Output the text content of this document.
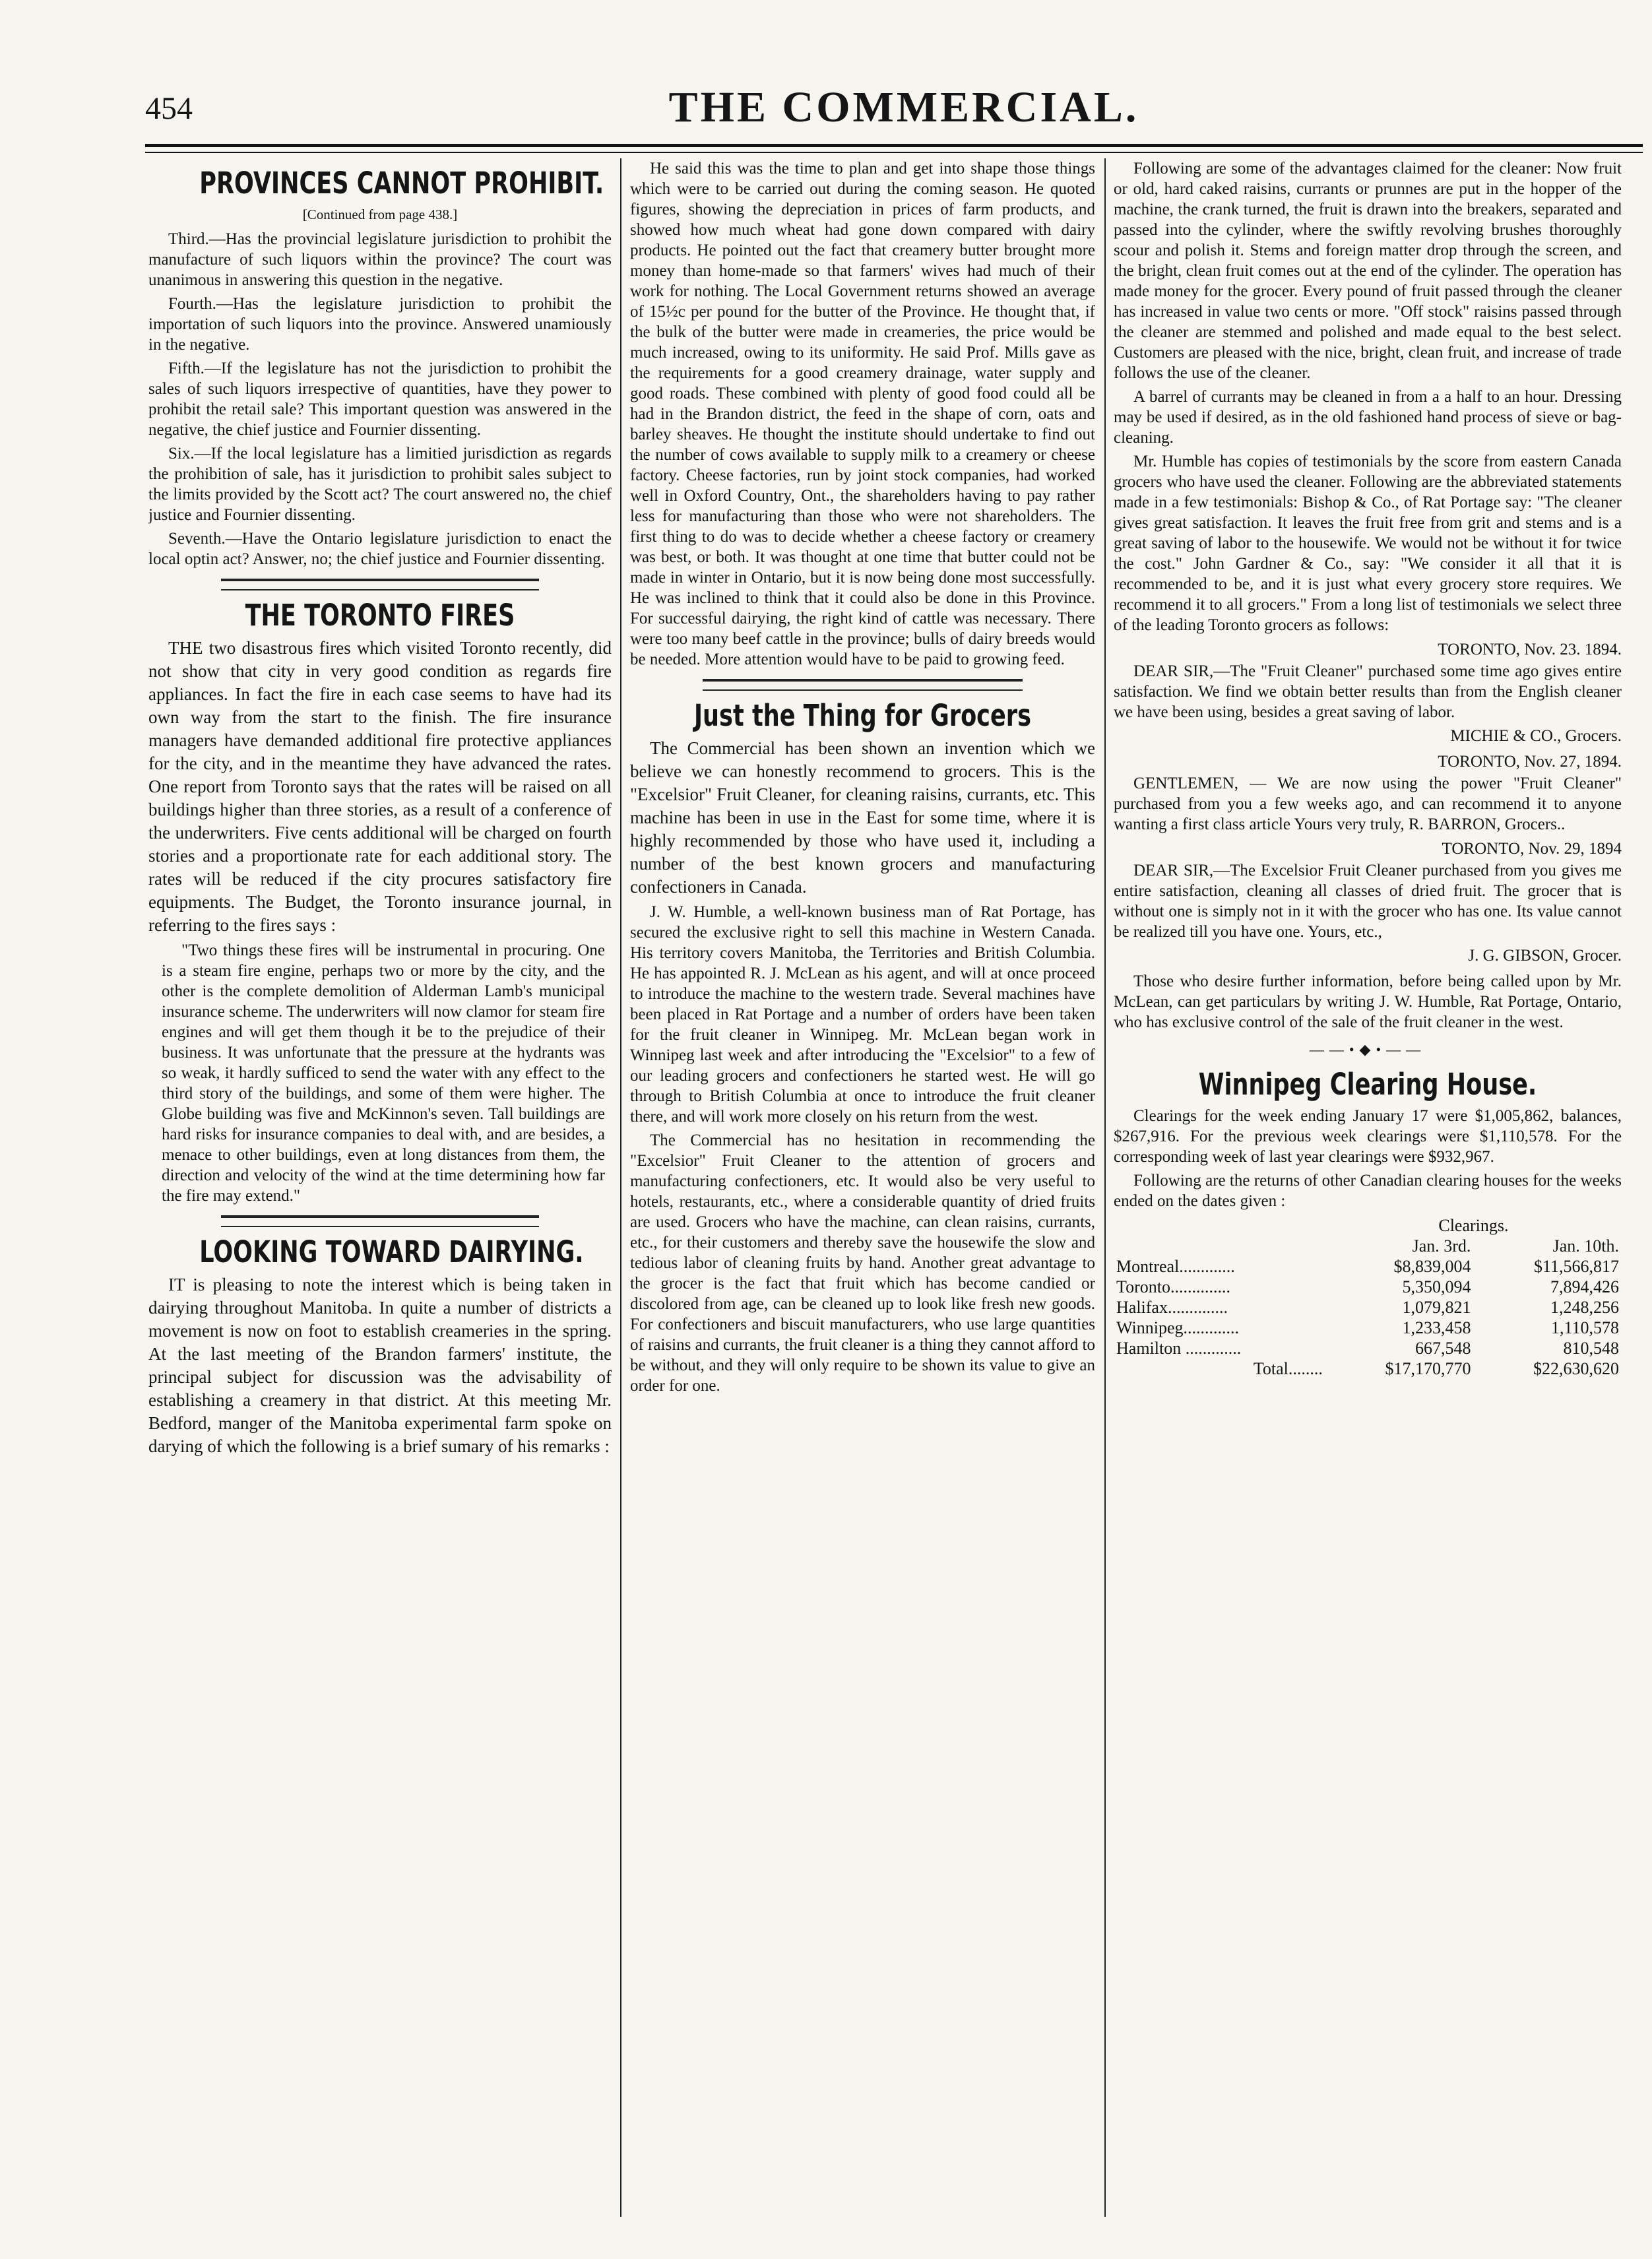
454	THE COMMERCIAL.
PROVINCES CANNOT PROHIBIT.
[Continued from page 438.]

Third.—Has the provincial legislature jurisdiction to prohibit the manufacture of such liquors within the province? The court was unanimous in answering this question in the negative.

Fourth.—Has the legislature jurisdiction to prohibit the importation of such liquors into the province. Answered unamiously in the negative.

Fifth.—If the legislature has not the jurisdiction to prohibit the sales of such liquors irrespective of quantities, have they power to prohibit the retail sale? This important question was answered in the negative, the chief justice and Fournier dissenting.

Six.—If the local legislature has a limitied jurisdiction as regards the prohibition of sale, has it jurisdiction to prohibit sales subject to the limits provided by the Scott act? The court answered no, the chief justice and Fournier dissenting.

Seventh.—Have the Ontario legislature jurisdiction to enact the local optin act? Answer, no; the chief justice and Fournier dissenting.

THE TORONTO FIRES

THE two disastrous fires which visited Toronto recently, did not show that city in very good condition as regards fire appliances. In fact the fire in each case seems to have had its own way from the start to the finish. The fire insurance managers have demanded additional fire protective appliances for the city, and in the meantime they have advanced the rates. One report from Toronto says that the rates will be raised on all buildings higher than three stories, as a result of a conference of the underwriters. Five cents additional will be charged on fourth stories and a proportionate rate for each additional story. The rates will be reduced if the city procures satisfactory fire equipments. The Budget, the Toronto insurance journal, in referring to the fires says :

"Two things these fires will be instrumental in procuring. One is a steam fire engine, perhaps two or more by the city, and the other is the complete demolition of Alderman Lamb's municipal insurance scheme. The underwriters will now clamor for steam fire engines and will get them though it be to the prejudice of their business. It was unfortunate that the pressure at the hydrants was so weak, it hardly sufficed to send the water with any effect to the third story of the buildings, and some of them were higher. The Globe building was five and McKinnon's seven. Tall buildings are hard risks for insurance companies to deal with, and are besides, a menace to other buildings, even at long distances from them, the direction and velocity of the wind at the time determining how far the fire may extend."

LOOKING TOWARD DAIRYING.

IT is pleasing to note the interest which is being taken in dairying throughout Manitoba. In quite a number of districts a movement is now on foot to establish creameries in the spring. At the last meeting of the Brandon farmers' institute, the principal subject for discussion was the advisability of establishing a creamery in that district. At this meeting Mr. Bedford, manger of the Manitoba experimental farm spoke on darying of which the following is a brief sumary of his remarks :

He said this was the time to plan and get into shape those things which were to be carried out during the coming season. He quoted figures, showing the depreciation in prices of farm products, and showed how much wheat had gone down compared with dairy products. He pointed out the fact that creamery butter brought more money than home-made so that farmers' wives had much of their work for nothing. The Local Government returns showed an average of 15½c per pound for the butter of the Province. He thought that, if the bulk of the butter were made in creameries, the price would be much increased, owing to its uniformity. He said Prof. Mills gave as the requirements for a good creamery drainage, water supply and good roads. These combined with plenty of good food could all be had in the Brandon district, the feed in the shape of corn, oats and barley sheaves. He thought the institute should undertake to find out the number of cows available to supply milk to a creamery or cheese factory. Cheese factories, run by joint stock companies, had worked well in Oxford Country, Ont., the shareholders having to pay rather less for manufacturing than those who were not shareholders. The first thing to do was to decide whether a cheese factory or creamery was best, or both. It was thought at one time that butter could not be made in winter in Ontario, but it is now being done most successfully. He was inclined to think that it could also be done in this Province. For successful dairying, the right kind of cattle was necessary. There were too many beef cattle in the province; bulls of dairy breeds would be needed. More attention would have to be paid to growing feed.

Just the Thing for Grocers

The Commercial has been shown an invention which we believe we can honestly recommend to grocers. This is the "Excelsior" Fruit Cleaner, for cleaning raisins, currants, etc. This machine has been in use in the East for some time, where it is highly recommended by those who have used it, including a number of the best known grocers and manufacturing confectioners in Canada.

J. W. Humble, a well-known business man of Rat Portage, has secured the exclusive right to sell this machine in Western Canada. His territory covers Manitoba, the Territories and British Columbia. He has appointed R. J. McLean as his agent, and will at once proceed to introduce the machine to the western trade. Several machines have been placed in Rat Portage and a number of orders have been taken for the fruit cleaner in Winnipeg. Mr. McLean began work in Winnipeg last week and after introducing the "Excelsior" to a few of our leading grocers and confectioners he started west. He will go through to British Columbia at once to introduce the fruit cleaner there, and will work more closely on his return from the west.

The Commercial has no hesitation in recommending the "Excelsior" Fruit Cleaner to the attention of grocers and manufacturing confectioners, etc. It would also be very useful to hotels, restaurants, etc., where a considerable quantity of dried fruits are used. Grocers who have the machine, can clean raisins, currants, etc., for their customers and thereby save the housewife the slow and tedious labor of cleaning fruits by hand. Another great advantage to the grocer is the fact that fruit which has become candied or discolored from age, can be cleaned up to look like fresh new goods. For confectioners and biscuit manufacturers, who use large quantities of raisins and currants, the fruit cleaner is a thing they cannot afford to be without, and they will only require to be shown its value to give an order for one.

Following are some of the advantages claimed for the cleaner: Now fruit or old, hard caked raisins, currants or prunnes are put in the hopper of the machine, the crank turned, the fruit is drawn into the breakers, separated and passed into the cylinder, where the swiftly revolving brushes thoroughly scour and polish it. Stems and foreign matter drop through the screen, and the bright, clean fruit comes out at the end of the cylinder. The operation has made money for the grocer. Every pound of fruit passed through the cleaner has increased in value two cents or more. "Off stock" raisins passed through the cleaner are stemmed and polished and made equal to the best select. Customers are pleased with the nice, bright, clean fruit, and increase of trade follows the use of the cleaner.

A barrel of currants may be cleaned in from a a half to an hour. Dressing may be used if desired, as in the old fashioned hand process of sieve or bag-cleaning.

Mr. Humble has copies of testimonials by the score from eastern Canada grocers who have used the cleaner. Following are the abbreviated statements made in a few testimonials: Bishop & Co., of Rat Portage say: "The cleaner gives great satisfaction. It leaves the fruit free from grit and stems and is a great saving of labor to the housewife. We would not be without it for twice the cost." John Gardner & Co., say: "We consider it all that it is recommended to be, and it is just what every grocery store requires. We recommend it to all grocers." From a long list of testimonials we select three of the leading Toronto grocers as follows:

TORONTO, Nov. 23. 1894.

DEAR SIR,—The "Fruit Cleaner" purchased some time ago gives entire satisfaction. We find we obtain better results than from the English cleaner we have been using, besides a great saving of labor.

MICHIE & CO., Grocers.
TORONTO, Nov. 27, 1894.

GENTLEMEN, — We are now using the power "Fruit Cleaner" purchased from you a few weeks ago, and can recommend it to anyone wanting a first class article Yours very truly, R. BARRON, Grocers..

TORONTO, Nov. 29, 1894

DEAR SIR,—The Excelsior Fruit Cleaner purchased from you gives me entire satisfaction, cleaning all classes of dried fruit. The grocer that is without one is simply not in it with the grocer who has one. Its value cannot be realized till you have one. Yours, etc.,

J. G. GIBSON, Grocer.

Those who desire further information, before being called upon by Mr. McLean, can get particulars by writing J. W. Humble, Rat Portage, Ontario, who has exclusive control of the sale of the fruit cleaner in the west.

——•◆•——
Winnipeg Clearing House.

Clearings for the week ending January 17 were $1,005,862, balances, $267,916. For the previous week clearings were $1,110,578. For the corresponding week of last year clearings were $932,967.

Following are the returns of other Canadian clearing houses for the weeks ended on the dates given :

	Clearings.	
	Jan. 3rd.	Jan. 10th.
Montreal.............	$8,839,004	$11,566,817
Toronto..............	5,350,094	7,894,426
Halifax..............	1,079,821	1,248,256
Winnipeg.............	1,233,458	1,110,578
Hamilton .............	667,548	810,548
Total........	$17,170,770	$22,630,620
